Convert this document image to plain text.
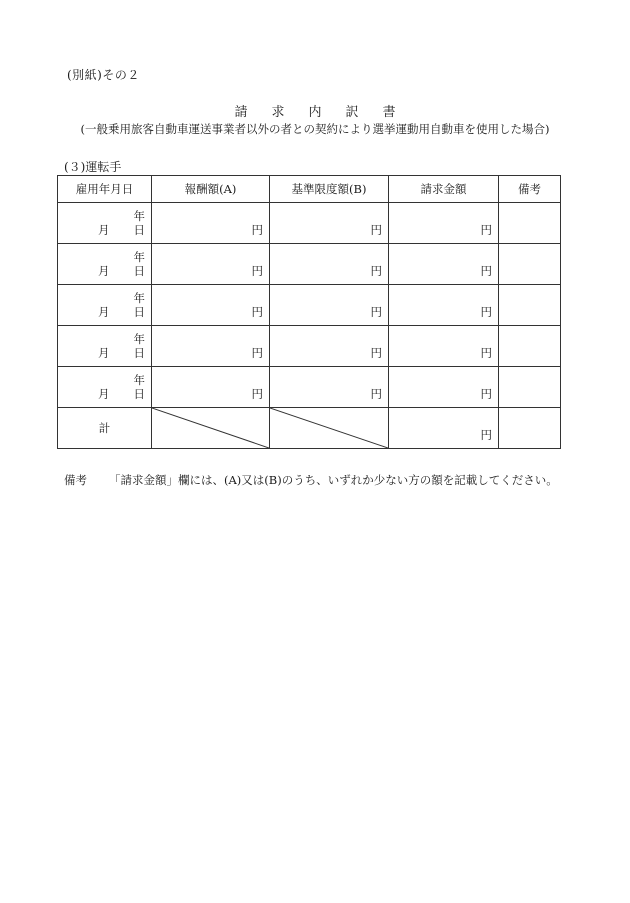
(別紙)その２
請求内訳書
(一般乗用旅客自動車運送事業者以外の者との契約により選挙運動用自動車を使用した場合)
(３)運転手
雇用年月日	報酬額(A)	基準限度額(B)	請求金額	備考

年
月 日	円	円	円	

年
月 日	円	円	円	

年
月 日	円	円	円	

年
月 日	円	円	円	

年
月 日	円	円	円	

計			円	

備考 「請求金額」欄には、(A)又は(B)のうち、いずれか少ない方の額を記載してください。
